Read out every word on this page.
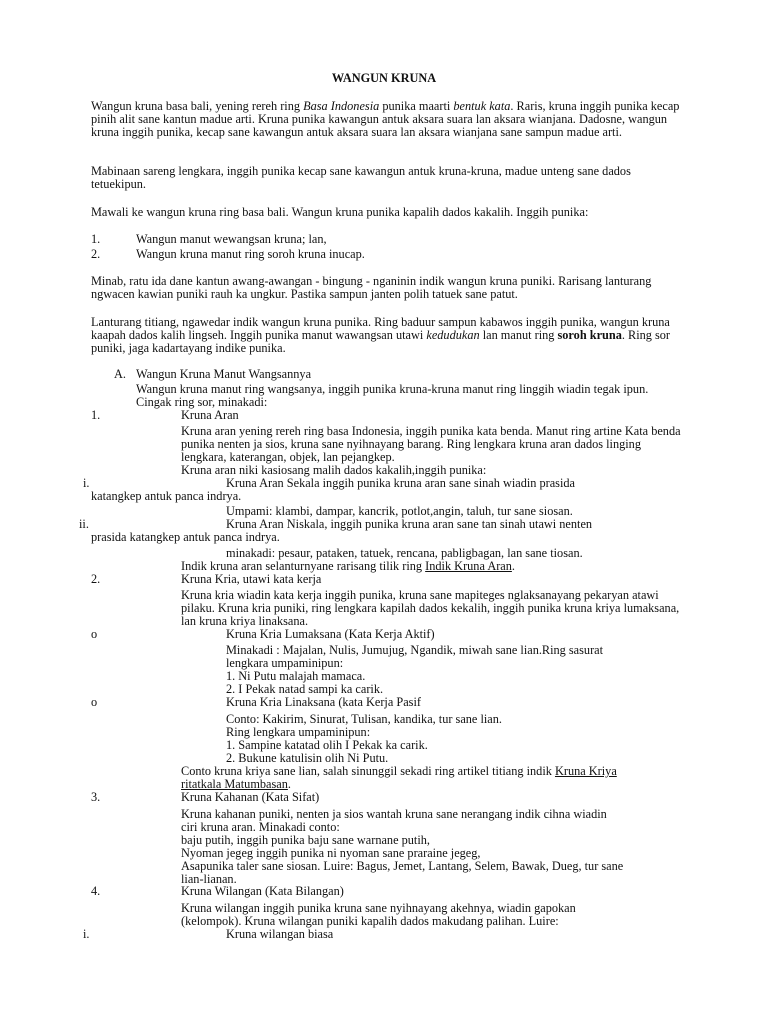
WANGUN KRUNA
Wangun kruna basa bali, yening rereh ring Basa Indonesia punika maarti bentuk kata. Raris, kruna inggih punika kecap pinih alit sane kantun madue arti. Kruna punika kawangun antuk aksara suara lan aksara wianjana. Dadosne, wangun kruna inggih punika, kecap sane kawangun antuk aksara suara lan aksara wianjana sane sampun madue arti.
Mabinaan sareng lengkara, inggih punika kecap sane kawangun antuk kruna-kruna, madue unteng sane dados tetuekipun.
Mawali ke wangun kruna ring basa bali. Wangun kruna punika kapalih dados kakalih. Inggih punika:
1.	Wangun manut wewangsan kruna; lan,
2.	Wangun kruna manut ring soroh kruna inucap.
Minab, ratu ida dane kantun awang-awangan - bingung - nganinin indik wangun kruna puniki. Rarisang lanturang ngwacen kawian puniki rauh ka ungkur. Pastika sampun janten polih tatuek sane patut.
Lanturang titiang, ngawedar indik wangun kruna punika. Ring baduur sampun kabawos inggih punika, wangun kruna kaapah dados kalih lingseh. Inggih punika manut wawangsan utawi kedudukan lan manut ring soroh kruna. Ring sor puniki, jaga kadartayang indike punika.
A. Wangun Kruna Manut Wangsannya
Wangun kruna manut ring wangsanya, inggih punika kruna-kruna manut ring linggih wiadin tegak ipun. Cingak ring sor, minakadi:
1.	Kruna Aran
Kruna aran yening rereh ring basa Indonesia, inggih punika kata benda. Manut ring artine Kata benda punika nenten ja sios, kruna sane nyihnayang barang. Ring lengkara kruna aran dados linging lengkara, katerangan, objek, lan pejangkep.
Kruna aran niki kasiosang malih dados kakalih,inggih punika:
i.	Kruna Aran Sekala inggih punika kruna aran sane sinah wiadin prasida
katangkep antuk panca indrya.
Umpami: klambi, dampar, kancrik, potlot,angin, taluh, tur sane siosan.
ii.	Kruna Aran Niskala, inggih punika kruna aran sane tan sinah utawi nenten
prasida katangkep antuk panca indrya.
minakadi: pesaur, pataken, tatuek, rencana, pabligbagan, lan sane tiosan.
Indik kruna aran selanturnyane rarisang tilik ring Indik Kruna Aran.
2.	Kruna Kria, utawi kata kerja
Kruna kria wiadin kata kerja inggih punika, kruna sane mapiteges nglaksanayang pekaryan atawi pilaku. Kruna kria puniki, ring lengkara kapilah dados kekalih, inggih punika kruna kriya lumaksana, lan kruna kriya linaksana.
o	Kruna Kria Lumaksana (Kata Kerja Aktif)
Minakadi : Majalan, Nulis, Jumujug, Ngandik, miwah sane lian.Ring sasurat
lengkara umpaminipun:
1. Ni Putu malajah mamaca.
2. I Pekak natad sampi ka carik.
o	Kruna Kria Linaksana (kata Kerja Pasif
Conto: Kakirim, Sinurat, Tulisan, kandika, tur sane lian.
Ring lengkara umpaminipun:
1. Sampine katatad olih I Pekak ka carik.
2. Bukune katulisin olih Ni Putu.
Conto kruna kriya sane lian, salah sinunggil sekadi ring artikel titiang indik Kruna Kriya
ritatkala Matumbasan.
3.	Kruna Kahanan (Kata Sifat)
Kruna kahanan puniki, nenten ja sios wantah kruna sane nerangang indik cihna wiadin
ciri kruna aran. Minakadi conto:
baju putih, inggih punika baju sane warnane putih,
Nyoman jegeg inggih punika ni nyoman sane praraine jegeg,
Asapunika taler sane siosan. Luire: Bagus, Jemet, Lantang, Selem, Bawak, Dueg, tur sane
lian-lianan.
4.	Kruna Wilangan (Kata Bilangan)
Kruna wilangan inggih punika kruna sane nyihnayang akehnya, wiadin gapokan
(kelompok). Kruna wilangan puniki kapalih dados makudang palihan. Luire:
i.	Kruna wilangan biasa
